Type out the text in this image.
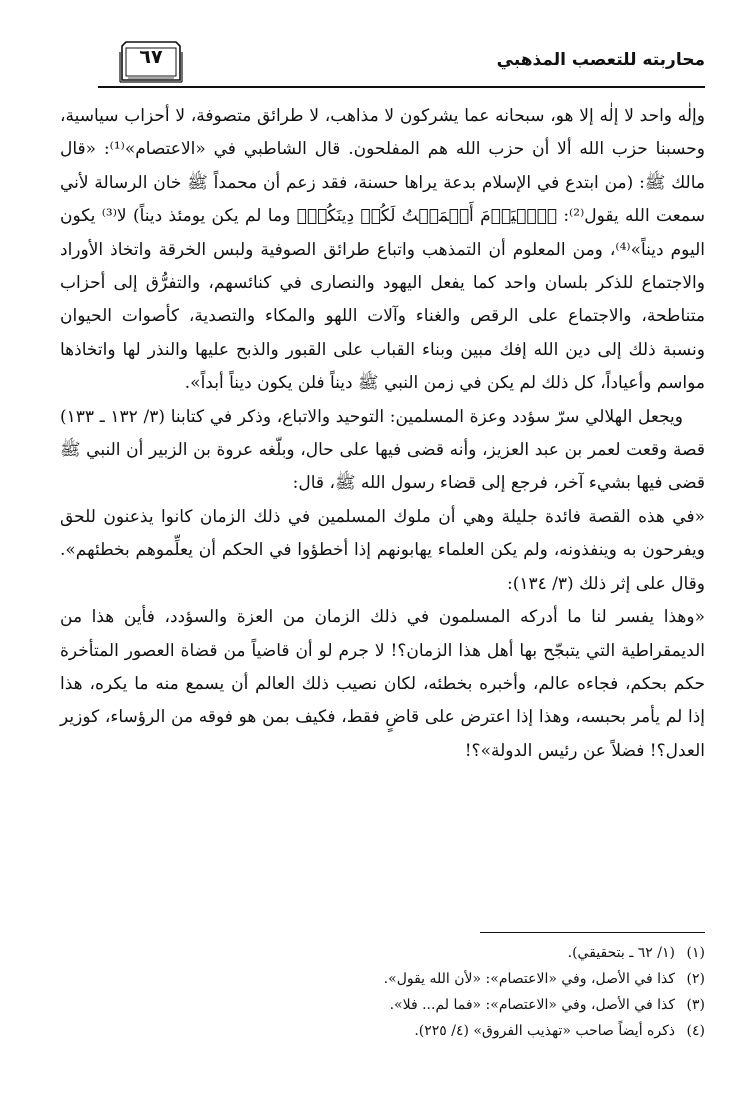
محاربته للتعصب المذهبي
٦٧

وإلٰه واحد لا إلٰه إلا هو، سبحانه عما يشركون لا مذاهب، لا طرائق متصوفة، لا أحزاب سياسية، وحسبنا حزب الله ألا أن حزب الله هم المفلحون. قال الشاطبي في «الاعتصام»⁽¹⁾: «قال مالك ﷺ: (من ابتدع في الإسلام بدعة يراها حسنة، فقد زعم أن محمداً ﷺ خان الرسالة لأني سمعت الله يقول⁽²⁾: ﴿ٱلۡيَوۡمَ أَكۡمَلۡتُ لَكُمۡ دِينَكُمۡ﴾ وما لم يكن يومئذ ديناً) لا⁽³⁾ يكون اليوم ديناً»⁽⁴⁾، ومن المعلوم أن التمذهب واتباع طرائق الصوفية ولبس الخرقة واتخاذ الأوراد والاجتماع للذكر بلسان واحد كما يفعل اليهود والنصارى في كنائسهم، والتفرُّق إلى أحزاب متناطحة، والاجتماع على الرقص والغناء وآلات اللهو والمكاء والتصدية، كأصوات الحيوان ونسبة ذلك إلى دين الله إفك مبين وبناء القباب على القبور والذبح عليها والنذر لها واتخاذها مواسم وأعياداً، كل ذلك لم يكن في زمن النبي ﷺ ديناً فلن يكون ديناً أبداً».

ويجعل الهلالي سرّ سؤدد وعزة المسلمين: التوحيد والاتباع، وذكر في كتابنا (٣/ ١٣٢ ـ ١٣٣) قصة وقعت لعمر بن عبد العزيز، وأنه قضى فيها على حال، وبلّغه عروة بن الزبير أن النبي ﷺ قضى فيها بشيء آخر، فرجع إلى قضاء رسول الله ﷺ، قال:

«في هذه القصة فائدة جليلة وهي أن ملوك المسلمين في ذلك الزمان كانوا يذعنون للحق ويفرحون به وينفذونه، ولم يكن العلماء يهابونهم إذا أخطؤوا في الحكم أن يعلِّموهم بخطئهم». وقال على إثر ذلك (٣/ ١٣٤):

«وهذا يفسر لنا ما أدركه المسلمون في ذلك الزمان من العزة والسؤدد، فأين هذا من الديمقراطية التي يتبجّح بها أهل هذا الزمان؟! لا جرم لو أن قاضياً من قضاة العصور المتأخرة حكم بحكم، فجاءه عالم، وأخبره بخطئه، لكان نصيب ذلك العالم أن يسمع منه ما يكره، هذا إذا لم يأمر بحبسه، وهذا إذا اعترض على قاضٍ فقط، فكيف بمن هو فوقه من الرؤساء، كوزير العدل؟! فضلاً عن رئيس الدولة»؟!

(١)(١/ ٦٢ ـ بتحقيقي).

(٢)كذا في الأصل، وفي «الاعتصام»: «لأن الله يقول».

(٣)كذا في الأصل، وفي «الاعتصام»: «فما لم... فلا».

(٤)ذكره أيضاً صاحب «تهذيب الفروق» (٤/ ٢٢٥).
